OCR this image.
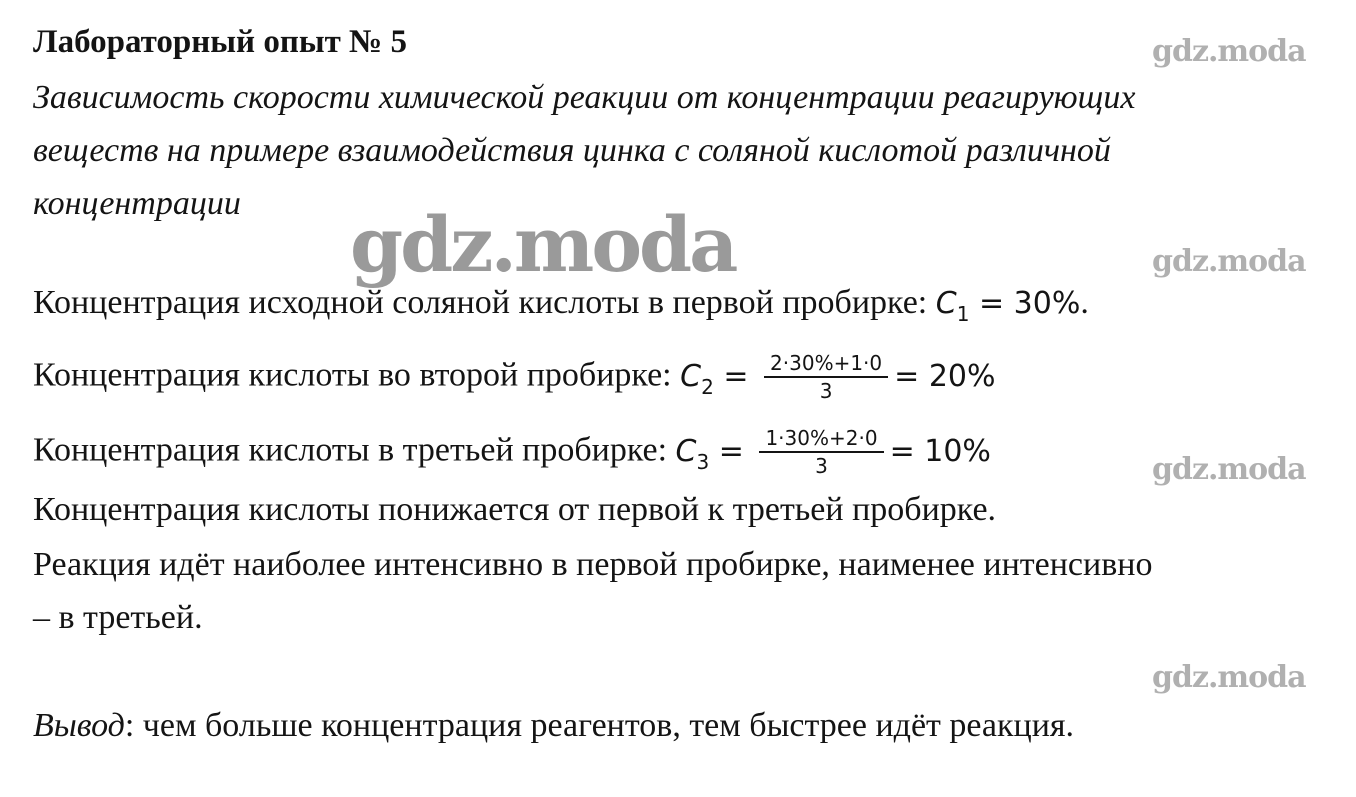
Лабораторный опыт № 5
Зависимость скорости химической реакции от концентрации реагирующих
веществ на примере взаимодействия цинка с соляной кислотой различной
концентрации gdz.moda
gdz.moda
gdz.moda
gdz.moda
gdz.moda
Концентрация исходной соляной кислоты в первой пробирке: $C_1 = 30\%$.
Концентрация кислоты во второй пробирке: $C_2 = \frac{2\cdot 30\%+1\cdot 0}{3} = 20\%$
Концентрация кислоты в третьей пробирке: $C_3 = \frac{1\cdot 30\%+2\cdot 0}{3} = 10\%$
Концентрация кислоты понижается от первой к третьей пробирке.
Реакция идёт наиболее интенсивно в первой пробирке, наименее интенсивно
– в третьей.
Вывод: чем больше концентрация реагентов, тем быстрее идёт реакция.
